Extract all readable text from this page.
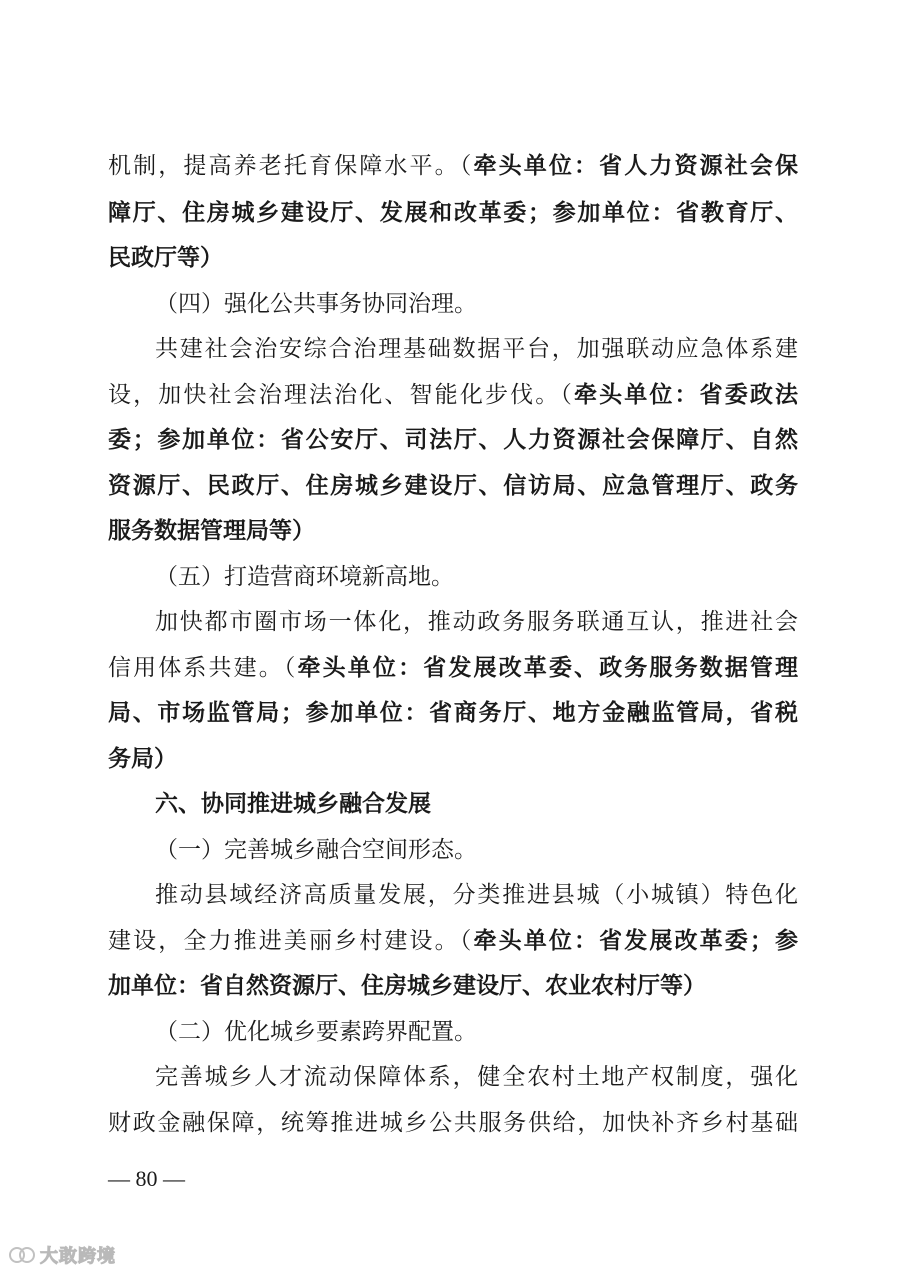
机制，提高养老托育保障水平。（牵头单位：省人力资源社会保
障厅、住房城乡建设厅、发展和改革委；参加单位：省教育厅、
民政厅等）
（四）强化公共事务协同治理。
共建社会治安综合治理基础数据平台，加强联动应急体系建
设，加快社会治理法治化、智能化步伐。（牵头单位：省委政法
委；参加单位：省公安厅、司法厅、人力资源社会保障厅、自然
资源厅、民政厅、住房城乡建设厅、信访局、应急管理厅、政务
服务数据管理局等）
（五）打造营商环境新高地。
加快都市圈市场一体化，推动政务服务联通互认，推进社会
信用体系共建。（牵头单位：省发展改革委、政务服务数据管理
局、市场监管局；参加单位：省商务厅、地方金融监管局，省税
务局）
六、协同推进城乡融合发展
（一）完善城乡融合空间形态。
推动县域经济高质量发展，分类推进县城（小城镇）特色化
建设，全力推进美丽乡村建设。（牵头单位：省发展改革委；参
加单位：省自然资源厅、住房城乡建设厅、农业农村厅等）
（二）优化城乡要素跨界配置。
完善城乡人才流动保障体系，健全农村土地产权制度，强化
财政金融保障，统筹推进城乡公共服务供给，加快补齐乡村基础
— 80 —
大敢跨境
